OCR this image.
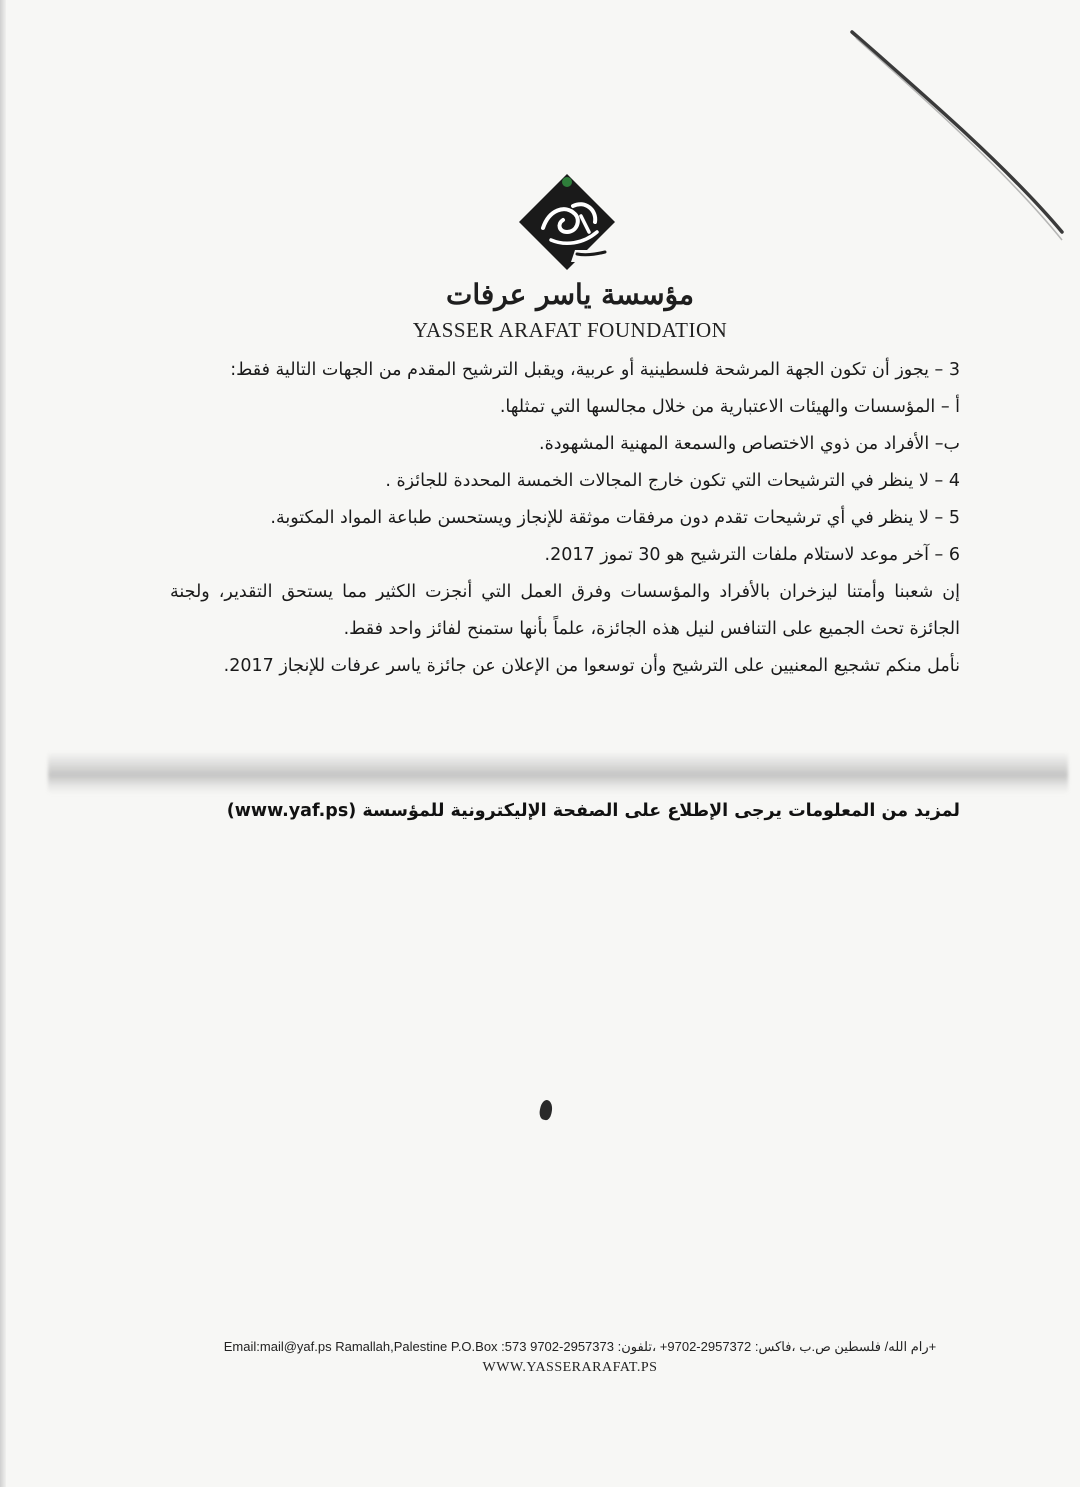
مؤسسة ياسر عرفات
YASSER ARAFAT FOUNDATION
3 – يجوز أن تكون الجهة المرشحة فلسطينية أو عربية، ويقبل الترشيح المقدم من الجهات التالية فقط:
أ – المؤسسات والهيئات الاعتبارية من خلال مجالسها التي تمثلها.
ب– الأفراد من ذوي الاختصاص والسمعة المهنية المشهودة.
4 – لا ينظر في الترشيحات التي تكون خارج المجالات الخمسة المحددة للجائزة .
5 – لا ينظر في أي ترشيحات تقدم دون مرفقات موثقة للإنجاز ويستحسن طباعة المواد المكتوبة.
6 – آخر موعد لاستلام ملفات الترشيح هو 30 تموز 2017.
إن شعبنا وأمتنا ليزخران بالأفراد والمؤسسات وفرق العمل التي أنجزت الكثير مما يستحق التقدير، ولجنة
الجائزة تحث الجميع على التنافس لنيل هذه الجائزة، علماً بأنها ستمنح لفائز واحد فقط.
نأمل منكم تشجيع المعنيين على الترشيح وأن توسعوا من الإعلان عن جائزة ياسر عرفات للإنجاز 2017.
لمزيد من المعلومات يرجى الإطلاع على الصفحة الإليكترونية للمؤسسة (www.yaf.ps)
Email:mail@yaf.ps Ramallah,Palestine P.O.Box :573 رام الله/ فلسطين ص.ب ،فاكس: 2957372-9702+ ،تلفون: 2957373-9702+
WWW.YASSERARAFAT.PS
